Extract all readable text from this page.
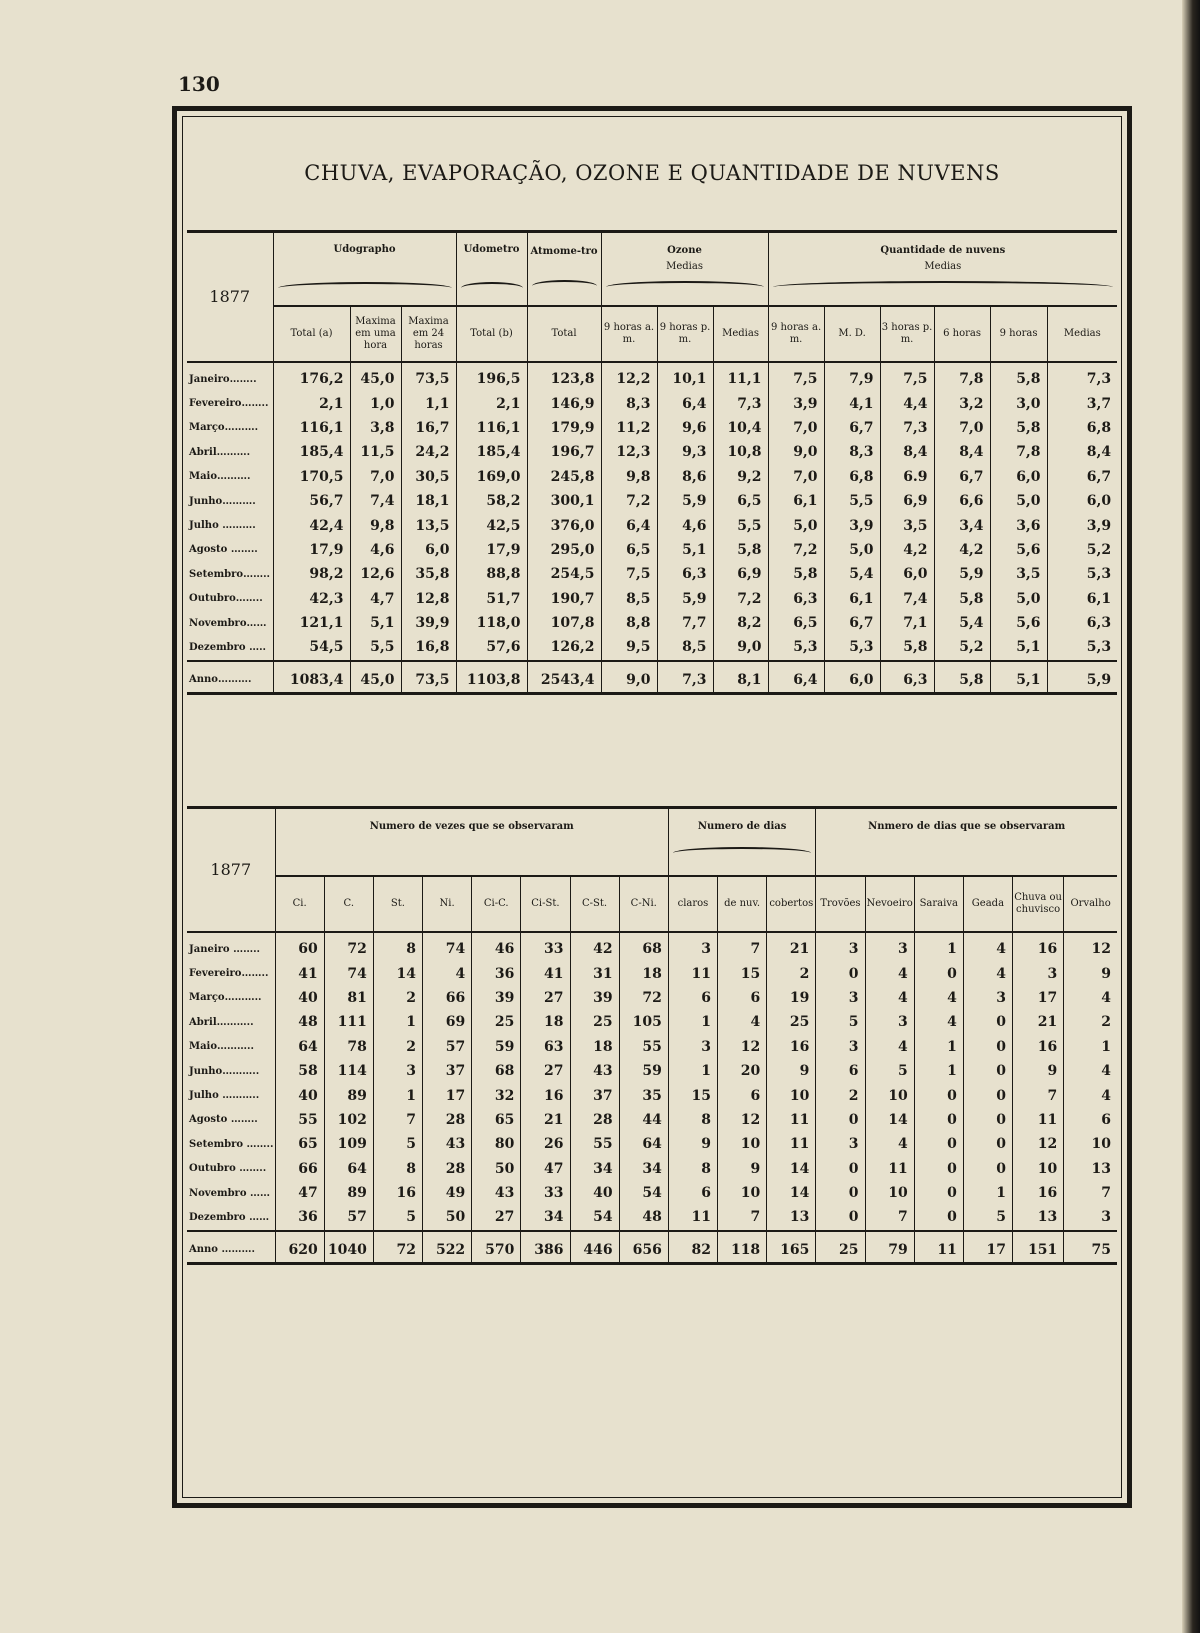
130
CHUVA, EVAPORAÇÃO, OZONE E QUANTIDADE DE NUVENS
1877	Udographo			Udometro	Atmome-tro	Ozone
Medias			Quantidade de nuvens
Medias					

	Total (a)	Maxima em uma hora	Maxima em 24 horas	Total (b)	Total	9 horas a. m.	9 horas p. m.	Medias	9 horas a. m.	M. D.	3 horas p. m.	6 horas	9 horas	Medias
Janeiro……..	176,2	45,0	73,5	196,5	123,8	12,2	10,1	11,1	7,5	7,9	7,5	7,8	5,8	7,3
Fevereiro……..	2,1	1,0	1,1	2,1	146,9	8,3	6,4	7,3	3,9	4,1	4,4	3,2	3,0	3,7
Março……….	116,1	3,8	16,7	116,1	179,9	11,2	9,6	10,4	7,0	6,7	7,3	7,0	5,8	6,8
Abril……….	185,4	11,5	24,2	185,4	196,7	12,3	9,3	10,8	9,0	8,3	8,4	8,4	7,8	8,4
Maio……….	170,5	7,0	30,5	169,0	245,8	9,8	8,6	9,2	7,0	6,8	6.9	6,7	6,0	6,7
Junho……….	56,7	7,4	18,1	58,2	300,1	7,2	5,9	6,5	6,1	5,5	6,9	6,6	5,0	6,0
Julho ……….	42,4	9,8	13,5	42,5	376,0	6,4	4,6	5,5	5,0	3,9	3,5	3,4	3,6	3,9
Agosto ……..	17,9	4,6	6,0	17,9	295,0	6,5	5,1	5,8	7,2	5,0	4,2	4,2	5,6	5,2
Setembro……..	98,2	12,6	35,8	88,8	254,5	7,5	6,3	6,9	5,8	5,4	6,0	5,9	3,5	5,3
Outubro……..	42,3	4,7	12,8	51,7	190,7	8,5	5,9	7,2	6,3	6,1	7,4	5,8	5,0	6,1
Novembro……	121,1	5,1	39,9	118,0	107,8	8,8	7,7	8,2	6,5	6,7	7,1	5,4	5,6	6,3
Dezembro …..	54,5	5,5	16,8	57,6	126,2	9,5	8,5	9,0	5,3	5,3	5,8	5,2	5,1	5,3
Anno……….	1083,4	45,0	73,5	1103,8	2543,4	9,0	7,3	8,1	6,4	6,0	6,3	5,8	5,1	5,9
1877	Numero de vezes que se observaram								Numero de dias			Nnmero de dias que se observaram					
	Ci.	C.	St.	Ni.	Ci-C.	Ci-St.	C-St.	C-Ni.	claros	de nuv.	cobertos	Trovões	Nevoeiro	Saraiva	Geada	Chuva ou chuvisco	Orvalho
Janeiro ……..	60	72	8	74	46	33	42	68	3	7	21	3	3	1	4	16	12
Fevereiro……..	41	74	14	4	36	41	31	18	11	15	2	0	4	0	4	3	9
Março………..	40	81	2	66	39	27	39	72	6	6	19	3	4	4	3	17	4
Abril………..	48	111	1	69	25	18	25	105	1	4	25	5	3	4	0	21	2
Maio………..	64	78	2	57	59	63	18	55	3	12	16	3	4	1	0	16	1
Junho………..	58	114	3	37	68	27	43	59	1	20	9	6	5	1	0	9	4
Julho ………..	40	89	1	17	32	16	37	35	15	6	10	2	10	0	0	7	4
Agosto ……..	55	102	7	28	65	21	28	44	8	12	11	0	14	0	0	11	6
Setembro ……..	65	109	5	43	80	26	55	64	9	10	11	3	4	0	0	12	10
Outubro ……..	66	64	8	28	50	47	34	34	8	9	14	0	11	0	0	10	13
Novembro ……	47	89	16	49	43	33	40	54	6	10	14	0	10	0	1	16	7
Dezembro ……	36	57	5	50	27	34	54	48	11	7	13	0	7	0	5	13	3
Anno ……….	620	1040	72	522	570	386	446	656	82	118	165	25	79	11	17	151	75
